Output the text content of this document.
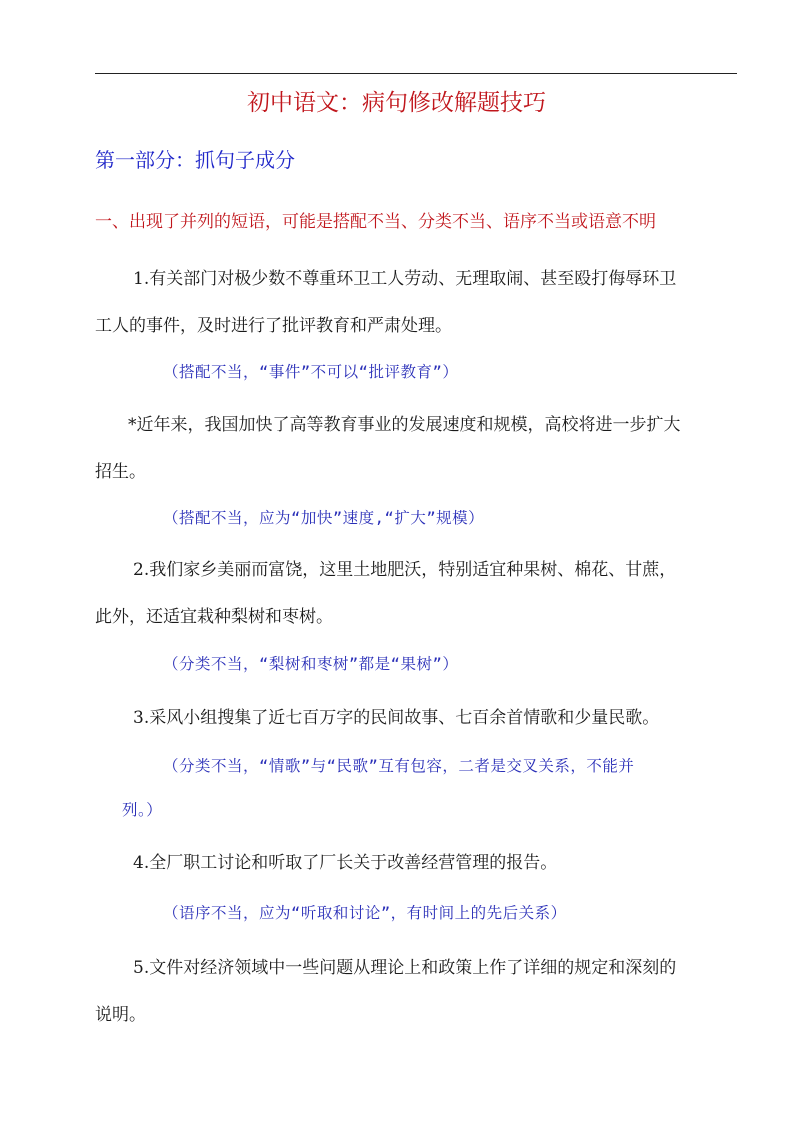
初中语文：病句修改解题技巧
第一部分：抓句子成分
一、出现了并列的短语，可能是搭配不当、分类不当、语序不当或语意不明
1.有关部门对极少数不尊重环卫工人劳动、无理取闹、甚至殴打侮辱环卫
工人的事件，及时进行了批评教育和严肃处理。
（搭配不当，“事件”不可以“批评教育”）
*近年来，我国加快了高等教育事业的发展速度和规模，高校将进一步扩大
招生。
（搭配不当，应为“加快”速度,“扩大”规模）
2.我们家乡美丽而富饶，这里土地肥沃，特别适宜种果树、棉花、甘蔗，
此外，还适宜栽种梨树和枣树。
（分类不当，“梨树和枣树”都是“果树”）
3.采风小组搜集了近七百万字的民间故事、七百余首情歌和少量民歌。
（分类不当，“情歌”与“民歌”互有包容，二者是交叉关系，不能并
列。）
4.全厂职工讨论和听取了厂长关于改善经营管理的报告。
（语序不当，应为“听取和讨论”，有时间上的先后关系）
5.文件对经济领域中一些问题从理论上和政策上作了详细的规定和深刻的
说明。
